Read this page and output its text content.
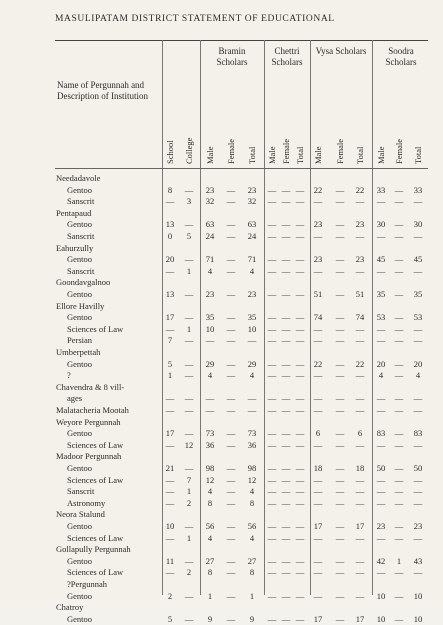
MASULIPATAM DISTRICT STATEMENT OF EDUCATIONAL
Name of Pergunnah and Description of Institution
Bramin Scholars
Chettri Scholars
Vysa Scholars	Soodra Scholars
School College Male Female Total Male Female Total Male Female Total Male Female Total
Needadavole
Gentoo	8	—	23	—	23	— — —	22	—	22	33	—	33
Sanscrit	—	3	32	—	32	— — —	—	—	—	—	—	—
Pentapaud
Gentoo	13	—	63	—	63	— — —	23	—	23	30	—	30
Sanscrit	0	5	24	—	24	— — —	—	—	—	—	—	—
Eahurzully
Gentoo	20	—	71	—	71	— — —	23	—	23	45	—	45
Sanscrit	—	1	4	—	4	— — —	—	—	—	—	—	—
Goondavgalnoo
Gentoo	13	—	23	—	23	— — —	51	—	51	35	—	35
Ellore Havilly
Gentoo	17	—	35	—	35	— — —	74	—	74	53	—	53
Sciences of Law	—	1	10	—	10	— — —	—	—	—	—	—	—
Persian	7	—	—	—	—	— — —	—	—	—	—	—	—
Umberpettah
Gentoo	5	—	29	—	29	— — —	22	—	22	20	—	20
?	1	—	4	—	4	— — —	—	—	—	4	—	4
Chavendra & 8 vill-
ages	—	—	—	—	—	— — —	—	—	—	—	—	—
Malatacheria Mootah	—	—	—	—	—	— — —	—	—	—	—	—	—
Weyore Pergunnah
Gentoo	17	—	73	—	73	— — —	6	—	6	83	—	83
Sciences of Law	—	12	36	—	36	— — —	—	—	—	—	—	—
Madoor Pergunnah
Gentoo	21	—	98	—	98	— — —	18	—	18	50	—	50
Sciences of Law	—	7	12	—	12	— — —	—	—	—	—	—	—
Sanscrit	—	1	4	—	4	— — —	—	—	—	—	—	—
Astronomy	—	2	8	—	8	— — —	—	—	—	—	—	—
Neora Stalund
Gentoo	10	—	56	—	56	— — —	17	—	17	23	—	23
Sciences of Law	—	1	4	—	4	— — —	—	—	—	—	—	—
Gollapully Pergunnah
Gentoo	11	—	27	—	27	— — —	—	—	—	42	1	43
Sciences of Law	—	2	8	—	8	— — —	—	—	—	—	—	—
?Pergunnah
Gentoo	2	—	1	—	1	— — —	—	—	—	10	—	10
Chatroy
Gentoo	5	—	9	—	9	— — —	17	—	17	10	—	10
